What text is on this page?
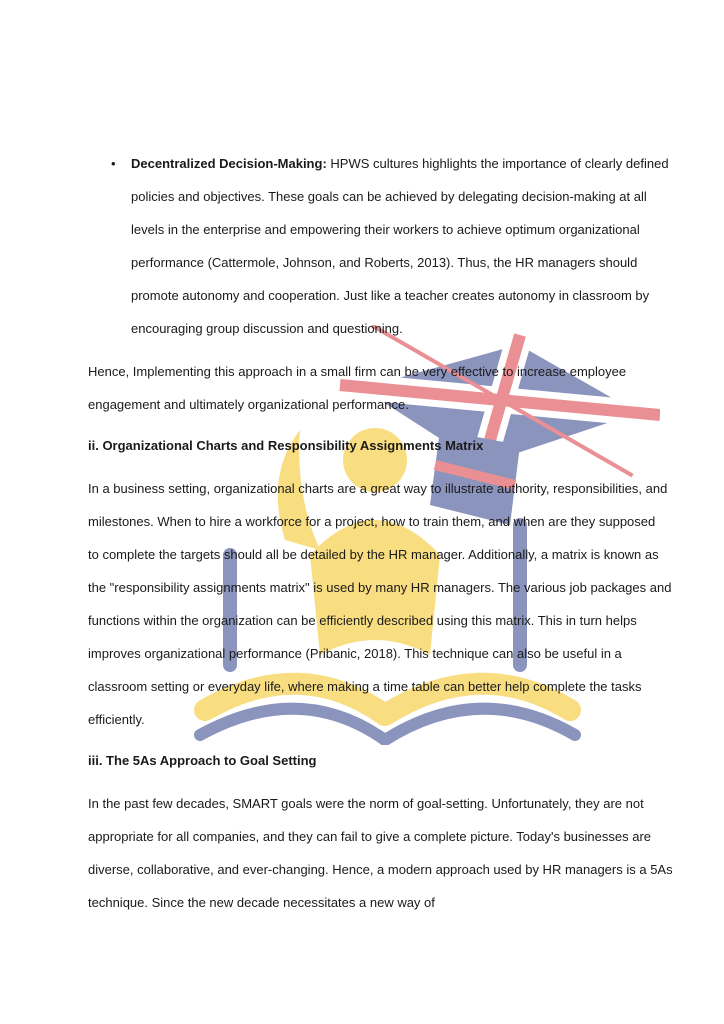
• Decentralized Decision-Making: HPWS cultures highlights the importance of clearly defined

policies and objectives. These goals can be achieved by delegating decision-making at all

levels in the enterprise and empowering their workers to achieve optimum organizational

performance (Cattermole, Johnson, and Roberts, 2013). Thus, the HR managers should

promote autonomy and cooperation. Just like a teacher creates autonomy in classroom by

encouraging group discussion and questioning.

Hence, Implementing this approach in a small firm can be very effective to increase employee

engagement and ultimately organizational performance.

ii. Organizational Charts and Responsibility Assignments Matrix

In a business setting, organizational charts are a great way to illustrate authority, responsibilities, and

milestones. When to hire a workforce for a project, how to train them, and when are they supposed

to complete the targets should all be detailed by the HR manager. Additionally, a matrix is known as

the "responsibility assignments matrix" is used by many HR managers. The various job packages and

functions within the organization can be efficiently described using this matrix. This in turn helps

improves organizational performance (Pribanic, 2018). This technique can also be useful in a

classroom setting or everyday life, where making a time table can better help complete the tasks

efficiently.

iii. The 5As Approach to Goal Setting

In the past few decades, SMART goals were the norm of goal-setting. Unfortunately, they are not

appropriate for all companies, and they can fail to give a complete picture. Today's businesses are

diverse, collaborative, and ever-changing. Hence, a modern approach used by HR managers is a 5As

technique. Since the new decade necessitates a new way of
